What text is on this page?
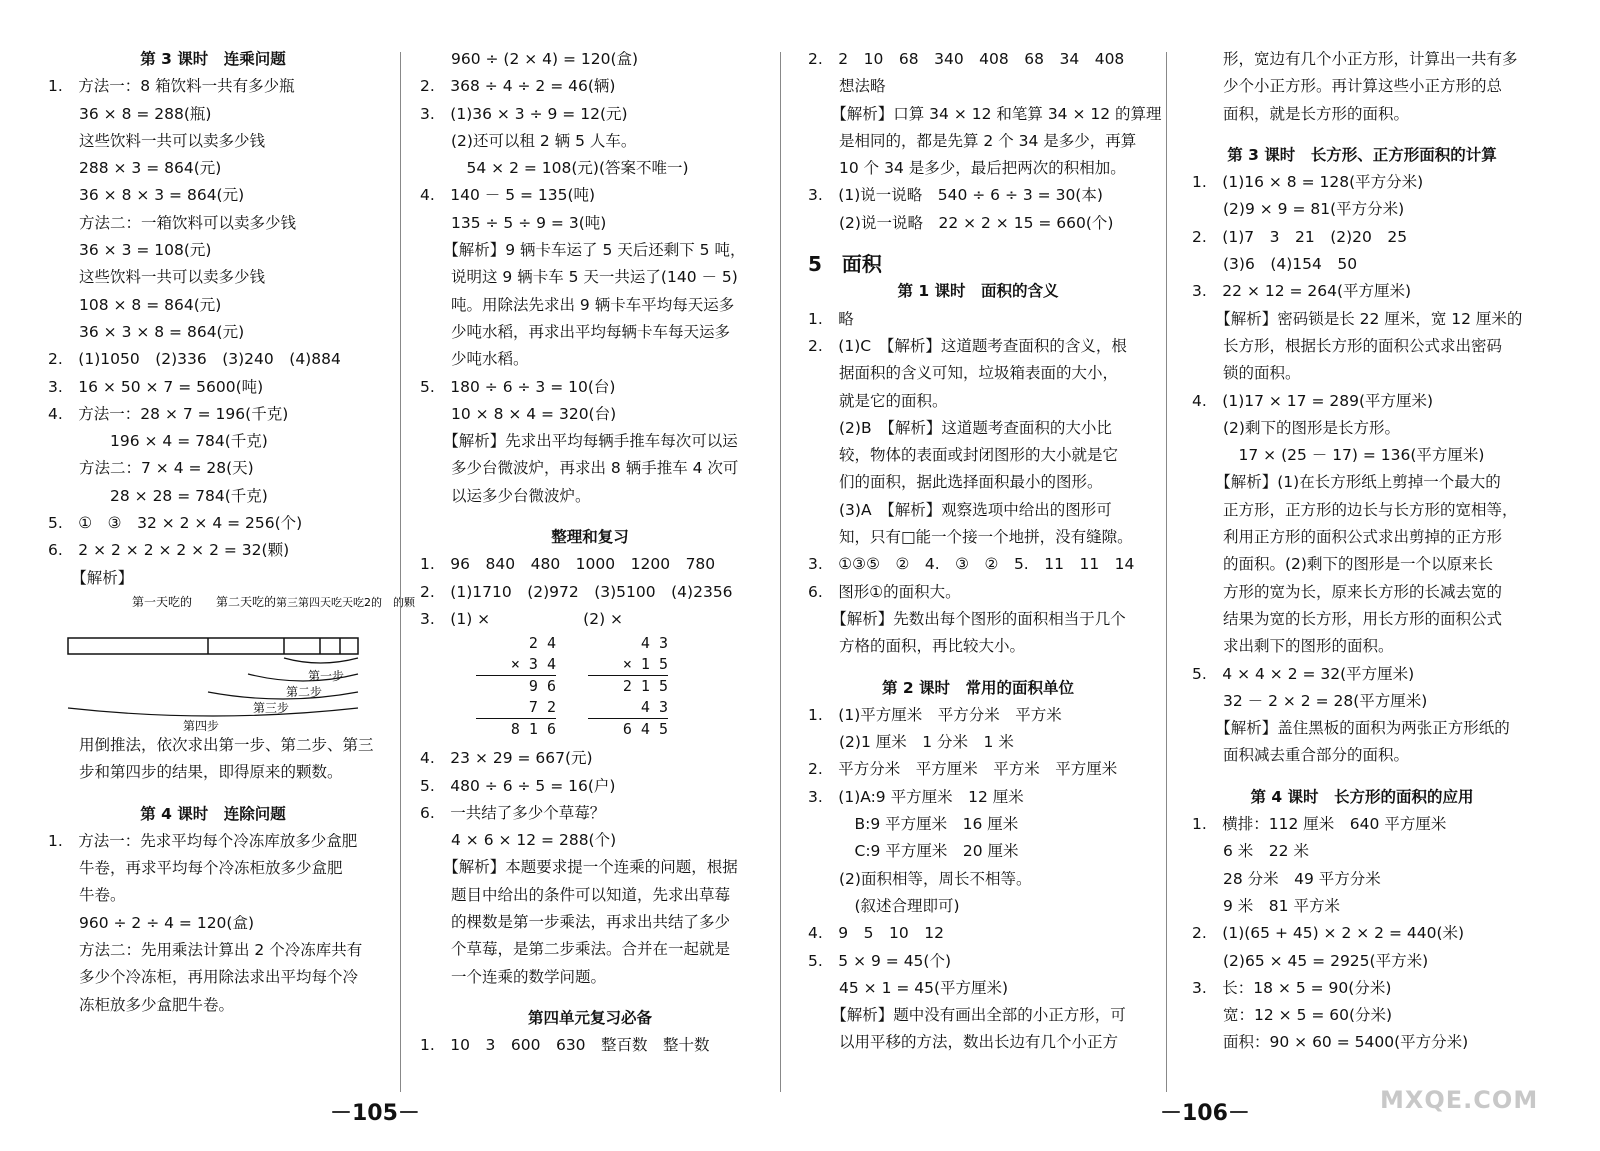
第 3 课时　连乘问题
1.　方法一：8 箱饮料一共有多少瓶
　　36 × 8 = 288(瓶)
　　这些饮料一共可以卖多少钱
　　288 × 3 = 864(元)
　　36 × 8 × 3 = 864(元)
　　方法二：一箱饮料可以卖多少钱
　　36 × 3 = 108(元)
　　这些饮料一共可以卖多少钱
　　108 × 8 = 864(元)
　　36 × 3 × 8 = 864(元)
2.　(1)1050　(2)336　(3)240　(4)884
3.　16 × 50 × 7 = 5600(吨)
4.　方法一：28 × 7 = 196(千克)
　　　　196 × 4 = 784(千克)
　　方法二：7 × 4 = 28(天)
　　　　28 × 28 = 784(千克)
5.　①　③　32 × 2 × 4 = 256(个)
6.　2 × 2 × 2 × 2 × 2 = 32(颗)
　　【解析】
第一天吃的 第二天吃的 第三第四天吃天吃2的　的颗
第一步
第二步
第三步
第四步
　　用倒推法，依次求出第一步、第二步、第三
　　步和第四步的结果，即得原来的颗数。
第 4 课时　连除问题
1.　方法一：先求平均每个冷冻库放多少盒肥
　　牛卷，再求平均每个冷冻柜放多少盒肥
　　牛卷。
　　960 ÷ 2 ÷ 4 = 120(盒)
　　方法二：先用乘法计算出 2 个冷冻库共有
　　多少个冷冻柜，再用除法求出平均每个冷
　　冻柜放多少盒肥牛卷。
　　960 ÷ (2 × 4) = 120(盒)
2.　368 ÷ 4 ÷ 2 = 46(辆)
3.　(1)36 × 3 ÷ 9 = 12(元)
　　(2)还可以租 2 辆 5 人车。
　　　54 × 2 = 108(元)(答案不唯一)
4.　140 － 5 = 135(吨)
　　135 ÷ 5 ÷ 9 = 3(吨)
　　【解析】9 辆卡车运了 5 天后还剩下 5 吨，
　　说明这 9 辆卡车 5 天一共运了(140 － 5)
　　吨。用除法先求出 9 辆卡车平均每天运多
　　少吨水稻，再求出平均每辆卡车每天运多
　　少吨水稻。
5.　180 ÷ 6 ÷ 3 = 10(台)
　　10 × 8 × 4 = 320(台)
　　【解析】先求出平均每辆手推车每次可以运
　　多少台微波炉，再求出 8 辆手推车 4 次可
　　以运多少台微波炉。
整理和复习
1.　96　840　480　1000　1200　780
2.　(1)1710　(2)972　(3)5100　(4)2356
3.　(1) ×　　　　　　(2) ×
　 2 4
× 3 4
　 9 6
7 2　
8 1 6
　 4 3
× 1 5
2 1 5
4 3　
6 4 5
4.　23 × 29 = 667(元)
5.　480 ÷ 6 ÷ 5 = 16(户)
6.　一共结了多少个草莓？
　　4 × 6 × 12 = 288(个)
　　【解析】本题要求提一个连乘的问题，根据
　　题目中给出的条件可以知道，先求出草莓
　　的棵数是第一步乘法，再求出共结了多少
　　个草莓，是第二步乘法。合并在一起就是
　　一个连乘的数学问题。
第四单元复习必备
1.　10　3　600　630　整百数　整十数
－105－
2.　2　10　68　340　408　68　34　408
　　想法略
　　【解析】口算 34 × 12 和笔算 34 × 12 的算理
　　是相同的，都是先算 2 个 34 是多少，再算
　　10 个 34 是多少，最后把两次的积相加。
3.　(1)说一说略　540 ÷ 6 ÷ 3 = 30(本)
　　(2)说一说略　22 × 2 × 15 = 660(个)
5　面积
第 1 课时　面积的含义
1.　略
2.　(1)C　【解析】这道题考查面积的含义，根
　　据面积的含义可知，垃圾箱表面的大小，
　　就是它的面积。
　　(2)B　【解析】这道题考查面积的大小比
　　较，物体的表面或封闭图形的大小就是它
　　们的面积，据此选择面积最小的图形。
　　(3)A　【解析】观察选项中给出的图形可
　　知，只有□能一个接一个地拼，没有缝隙。
3.　①③⑤　②　4.　③　②　5.　11　11　14
6.　图形①的面积大。
　　【解析】先数出每个图形的面积相当于几个
　　方格的面积，再比较大小。
第 2 课时　常用的面积单位
1.　(1)平方厘米　平方分米　平方米
　　(2)1 厘米　1 分米　1 米
2.　平方分米　平方厘米　平方米　平方厘米
3.　(1)A:9 平方厘米　12 厘米
　　　B:9 平方厘米　16 厘米
　　　C:9 平方厘米　20 厘米
　　(2)面积相等，周长不相等。
　　　(叙述合理即可)
4.　9　5　10　12
5.　5 × 9 = 45(个)
　　45 × 1 = 45(平方厘米)
　　【解析】题中没有画出全部的小正方形，可
　　以用平移的方法，数出长边有几个小正方
　　形，宽边有几个小正方形，计算出一共有多
　　少个小正方形。再计算这些小正方形的总
　　面积，就是长方形的面积。
第 3 课时　长方形、正方形面积的计算
1.　(1)16 × 8 = 128(平方分米)
　　(2)9 × 9 = 81(平方分米)
2.　(1)7　3　21　(2)20　25
　　(3)6　(4)154　50
3.　22 × 12 = 264(平方厘米)
　　【解析】密码锁是长 22 厘米，宽 12 厘米的
　　长方形，根据长方形的面积公式求出密码
　　锁的面积。
4.　(1)17 × 17 = 289(平方厘米)
　　(2)剩下的图形是长方形。
　　　17 × (25 － 17) = 136(平方厘米)
　　【解析】(1)在长方形纸上剪掉一个最大的
　　正方形，正方形的边长与长方形的宽相等，
　　利用正方形的面积公式求出剪掉的正方形
　　的面积。(2)剩下的图形是一个以原来长
　　方形的宽为长，原来长方形的长减去宽的
　　结果为宽的长方形，用长方形的面积公式
　　求出剩下的图形的面积。
5.　4 × 4 × 2 = 32(平方厘米)
　　32 － 2 × 2 = 28(平方厘米)
　　【解析】盖住黑板的面积为两张正方形纸的
　　面积减去重合部分的面积。
第 4 课时　长方形的面积的应用
1.　横排：112 厘米　640 平方厘米
　　6 米　22 米
　　28 分米　49 平方分米
　　9 米　81 平方米
2.　(1)(65 + 45) × 2 × 2 = 440(米)
　　(2)65 × 45 = 2925(平方米)
3.　长：18 × 5 = 90(分米)
　　宽：12 × 5 = 60(分米)
　　面积：90 × 60 = 5400(平方分米)
－106－	MXQE.COM
